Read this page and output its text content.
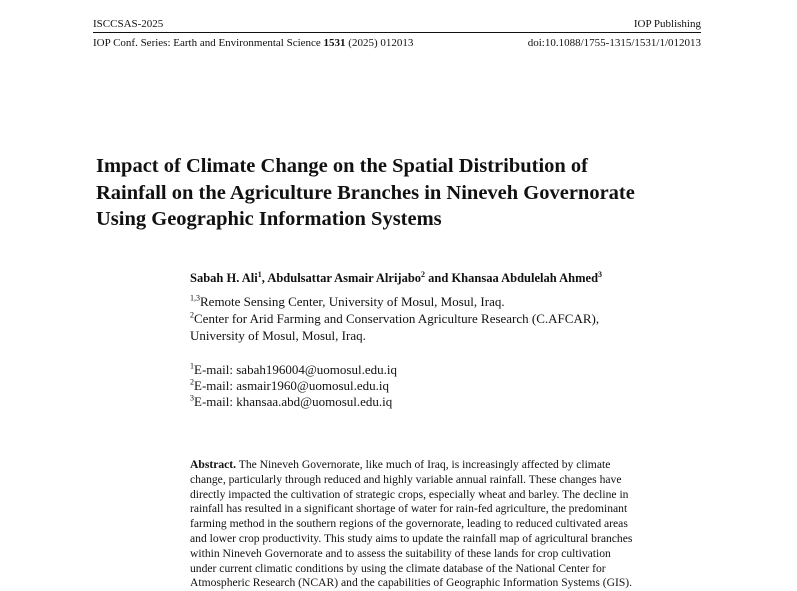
ISCCSAS-2025	IOP Publishing
IOP Conf. Series: Earth and Environmental Science 1531 (2025) 012013	doi:10.1088/1755-1315/1531/1/012013
Impact of Climate Change on the Spatial Distribution of
Rainfall on the Agriculture Branches in Nineveh Governorate
Using Geographic Information Systems
Sabah H. Ali$^1$, Abdulsattar Asmair Alrijabo$^2$ and Khansaa Abdulelah Ahmed$^3$
$^{1,3}$Remote Sensing Center, University of Mosul, Mosul, Iraq.
$^2$Center for Arid Farming and Conservation Agriculture Research (C.AFCAR),
University of Mosul, Mosul, Iraq.
$^1$E-mail: sabah196004@uomosul.edu.iq
$^2$E-mail: asmair1960@uomosul.edu.iq
$^3$E-mail: khansaa.abd@uomosul.edu.iq
Abstract. The Nineveh Governorate, like much of Iraq, is increasingly affected by climate
change, particularly through reduced and highly variable annual rainfall. These changes have
directly impacted the cultivation of strategic crops, especially wheat and barley. The decline in
rainfall has resulted in a significant shortage of water for rain-fed agriculture, the predominant
farming method in the southern regions of the governorate, leading to reduced cultivated areas
and lower crop productivity. This study aims to update the rainfall map of agricultural branches
within Nineveh Governorate and to assess the suitability of these lands for crop cultivation
under current climatic conditions by using the climate database of the National Center for
Atmospheric Research (NCAR) and the capabilities of Geographic Information Systems (GIS).
